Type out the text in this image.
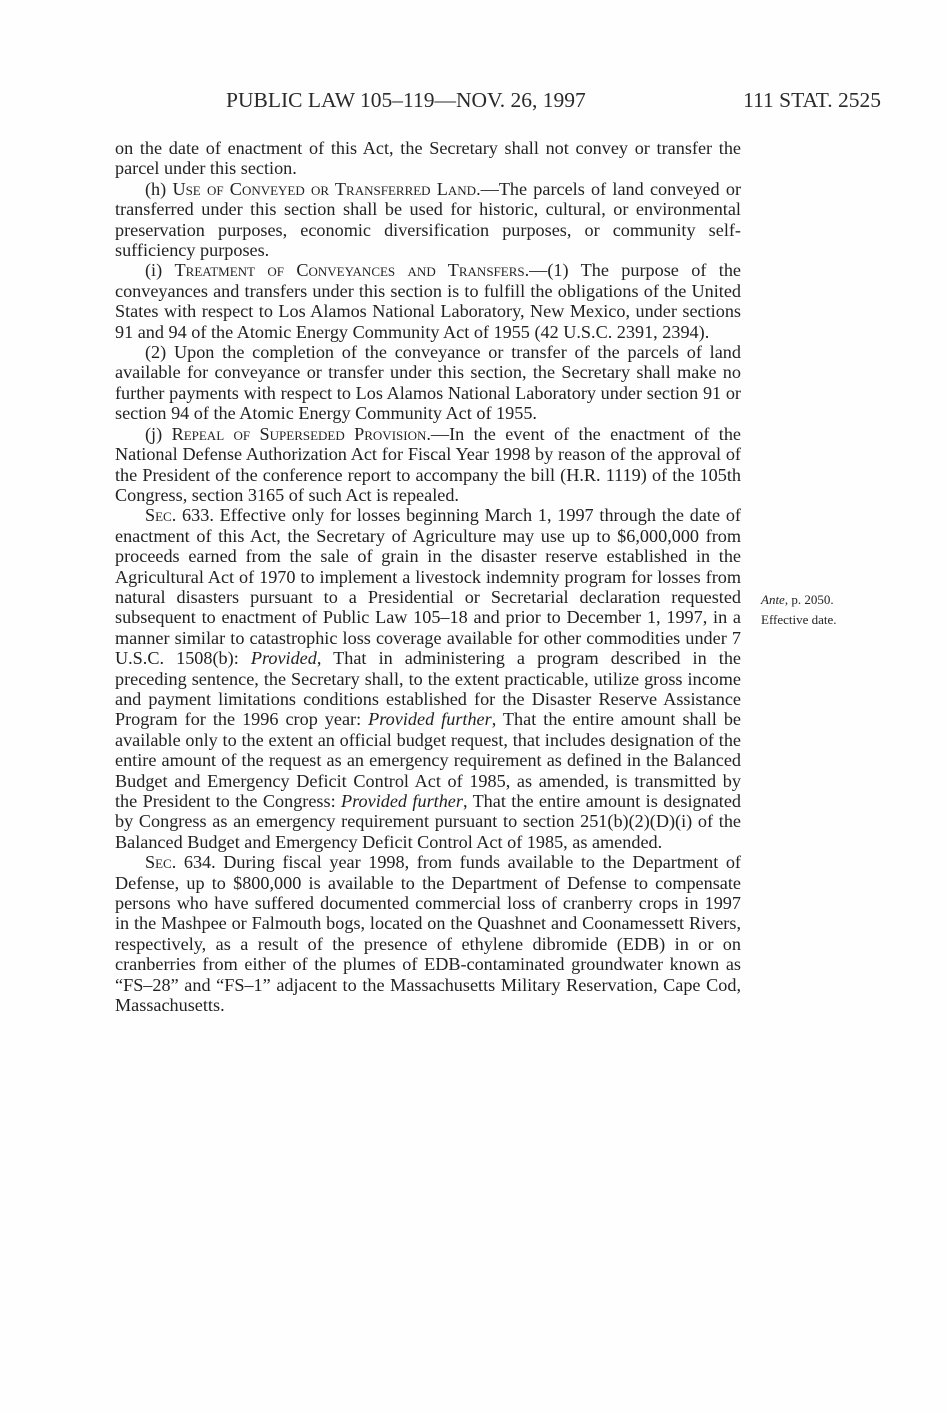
PUBLIC LAW 105–119—NOV. 26, 1997	111 STAT. 2525

on the date of enactment of this Act, the Secretary shall not convey or transfer the parcel under this section.

(h) Use of Conveyed or Transferred Land.—The parcels of land conveyed or transferred under this section shall be used for historic, cultural, or environmental preservation purposes, economic diversification purposes, or community self-sufficiency purposes.

(i) Treatment of Conveyances and Transfers.—(1) The purpose of the conveyances and transfers under this section is to fulfill the obligations of the United States with respect to Los Alamos National Laboratory, New Mexico, under sections 91 and 94 of the Atomic Energy Community Act of 1955 (42 U.S.C. 2391, 2394).

(2) Upon the completion of the conveyance or transfer of the parcels of land available for conveyance or transfer under this section, the Secretary shall make no further payments with respect to Los Alamos National Laboratory under section 91 or section 94 of the Atomic Energy Community Act of 1955.

(j) Repeal of Superseded Provision.—In the event of the enactment of the National Defense Authorization Act for Fiscal Year 1998 by reason of the approval of the President of the conference report to accompany the bill (H.R. 1119) of the 105th Congress, section 3165 of such Act is repealed.

Sec. 633. Effective only for losses beginning March 1, 1997 through the date of enactment of this Act, the Secretary of Agriculture may use up to $6,000,000 from proceeds earned from the sale of grain in the disaster reserve established in the Agricultural Act of 1970 to implement a livestock indemnity program for losses from natural disasters pursuant to a Presidential or Secretarial declaration requested subsequent to enactment of Public Law 105–18 and prior to December 1, 1997, in a manner similar to catastrophic loss coverage available for other commodities under 7 U.S.C. 1508(b): Provided, That in administering a program described in the preceding sentence, the Secretary shall, to the extent practicable, utilize gross income and payment limitations conditions established for the Disaster Reserve Assistance Program for the 1996 crop year: Provided further, That the entire amount shall be available only to the extent an official budget request, that includes designation of the entire amount of the request as an emergency requirement as defined in the Balanced Budget and Emergency Deficit Control Act of 1985, as amended, is transmitted by the President to the Congress: Provided further, That the entire amount is designated by Congress as an emergency requirement pursuant to section 251(b)(2)(D)(i) of the Balanced Budget and Emergency Deficit Control Act of 1985, as amended.

Sec. 634. During fiscal year 1998, from funds available to the Department of Defense, up to $800,000 is available to the Department of Defense to compensate persons who have suffered documented commercial loss of cranberry crops in 1997 in the Mashpee or Falmouth bogs, located on the Quashnet and Coonamessett Rivers, respectively, as a result of the presence of ethylene dibromide (EDB) in or on cranberries from either of the plumes of EDB-contaminated groundwater known as “FS–28” and “FS–1” adjacent to the Massachusetts Military Reservation, Cape Cod, Massachusetts.

Ante, p. 2050.
Effective date.
